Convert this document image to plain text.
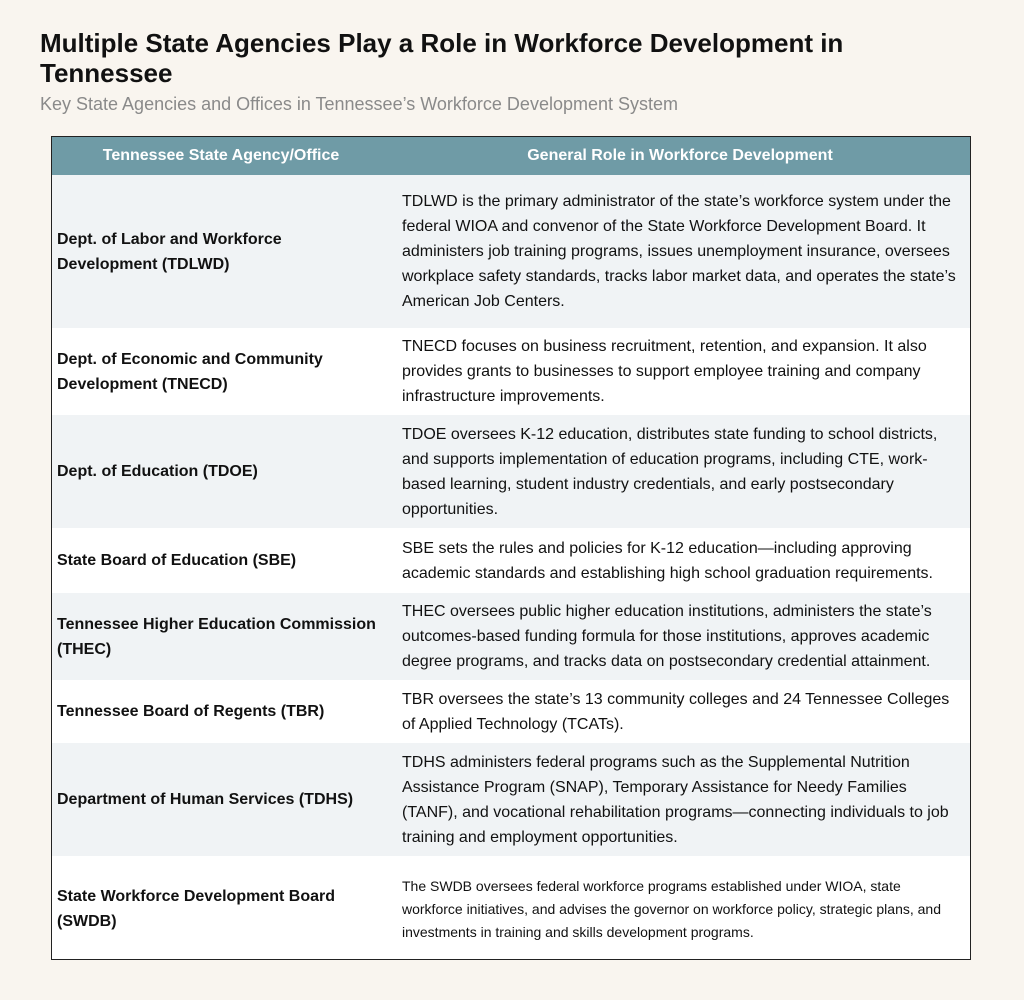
Multiple State Agencies Play a Role in Workforce Development in Tennessee

Key State Agencies and Offices in Tennessee’s Workforce Development System

Tennessee State Agency/Office	General Role in Workforce Development
Dept. of Labor and Workforce Development (TDLWD)	TDLWD is the primary administrator of the state’s workforce system under the federal WIOA and convenor of the State Workforce Development Board. It administers job training programs, issues unemployment insurance, oversees workplace safety standards, tracks labor market data, and operates the state’s American Job Centers.
Dept. of Economic and Community Development (TNECD)	TNECD focuses on business recruitment, retention, and expansion. It also provides grants to businesses to support employee training and company infrastructure improvements.
Dept. of Education (TDOE)	TDOE oversees K-12 education, distributes state funding to school districts, and supports implementation of education programs, including CTE, work-based learning, student industry credentials, and early postsecondary opportunities.
State Board of Education (SBE)	SBE sets the rules and policies for K-12 education—including approving academic standards and establishing high school graduation requirements.
Tennessee Higher Education Commission (THEC)	THEC oversees public higher education institutions, administers the state’s outcomes-based funding formula for those institutions, approves academic degree programs, and tracks data on postsecondary credential attainment.
Tennessee Board of Regents (TBR)	TBR oversees the state’s 13 community colleges and 24 Tennessee Colleges of Applied Technology (TCATs).
Department of Human Services (TDHS)	TDHS administers federal programs such as the Supplemental Nutrition Assistance Program (SNAP), Temporary Assistance for Needy Families (TANF), and vocational rehabilitation programs—connecting individuals to job training and employment opportunities.
State Workforce Development Board (SWDB)	The SWDB oversees federal workforce programs established under WIOA, state workforce initiatives, and advises the governor on workforce policy, strategic plans, and investments in training and skills development programs.
